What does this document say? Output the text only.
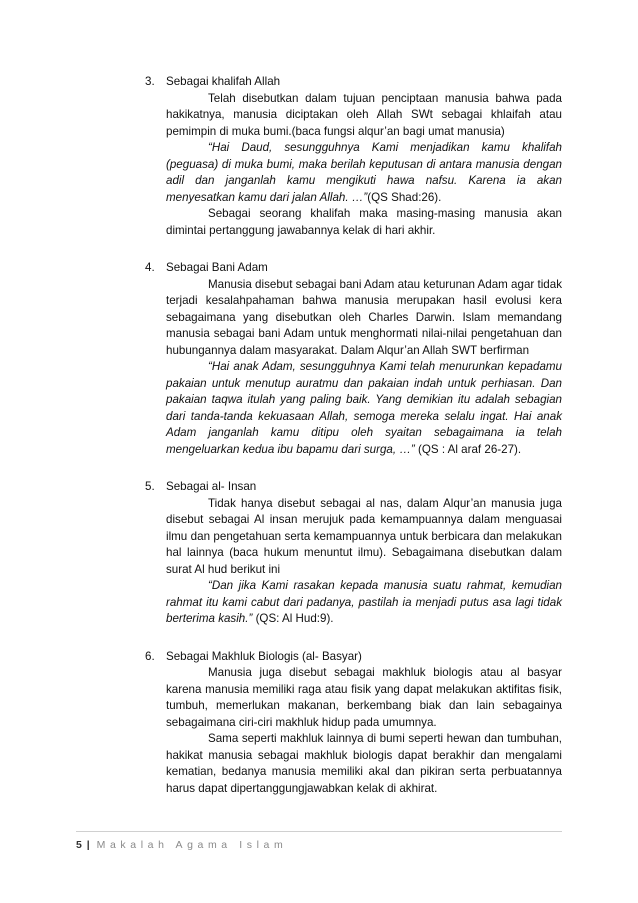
3. Sebagai khalifah Allah

Telah disebutkan dalam tujuan penciptaan manusia bahwa pada hakikatnya, manusia diciptakan oleh Allah SWt sebagai khlaifah atau pemimpin di muka bumi.(baca fungsi alqur’an bagi umat manusia)

“Hai Daud, sesungguhnya Kami menjadikan kamu khalifah (peguasa) di muka bumi, maka berilah keputusan di antara manusia dengan adil dan janganlah kamu mengikuti hawa nafsu. Karena ia akan menyesatkan kamu dari jalan Allah. …”(QS Shad:26).

Sebagai seorang khalifah maka masing-masing manusia akan dimintai pertanggung jawabannya kelak di hari akhir.

4. Sebagai Bani Adam

Manusia disebut sebagai bani Adam atau keturunan Adam agar tidak terjadi kesalahpahaman bahwa manusia merupakan hasil evolusi kera sebagaimana yang disebutkan oleh Charles Darwin. Islam memandang manusia sebagai bani Adam untuk menghormati nilai-nilai pengetahuan dan hubungannya dalam masyarakat. Dalam Alqur’an Allah SWT berfirman

“Hai anak Adam, sesungguhnya Kami telah menurunkan kepadamu pakaian untuk menutup auratmu dan pakaian indah untuk perhiasan. Dan pakaian taqwa itulah yang paling baik. Yang demikian itu adalah sebagian dari tanda-tanda kekuasaan Allah, semoga mereka selalu ingat. Hai anak Adam janganlah kamu ditipu oleh syaitan sebagaimana ia telah mengeluarkan kedua ibu bapamu dari surga, …” (QS : Al araf 26-27).

5. Sebagai al- Insan

Tidak hanya disebut sebagai al nas, dalam Alqur’an manusia juga disebut sebagai Al insan merujuk pada kemampuannya dalam menguasai ilmu dan pengetahuan serta kemampuannya untuk berbicara dan melakukan hal lainnya (baca hukum menuntut ilmu). Sebagaimana disebutkan dalam surat Al hud berikut ini

“Dan jika Kami rasakan kepada manusia suatu rahmat, kemudian rahmat itu kami cabut dari padanya, pastilah ia menjadi putus asa lagi tidak berterima kasih.” (QS: Al Hud:9).

6. Sebagai Makhluk Biologis (al- Basyar)

Manusia juga disebut sebagai makhluk biologis atau al basyar karena manusia memiliki raga atau fisik yang dapat melakukan aktifitas fisik, tumbuh, memerlukan makanan, berkembang biak dan lain sebagainya sebagaimana ciri-ciri makhluk hidup pada umumnya.

Sama seperti makhluk lainnya di bumi seperti hewan dan tumbuhan, hakikat manusia sebagai makhluk biologis dapat berakhir dan mengalami kematian, bedanya manusia memiliki akal dan pikiran serta perbuatannya harus dapat dipertanggungjawabkan kelak di akhirat.

5 | Makalah Agama Islam
